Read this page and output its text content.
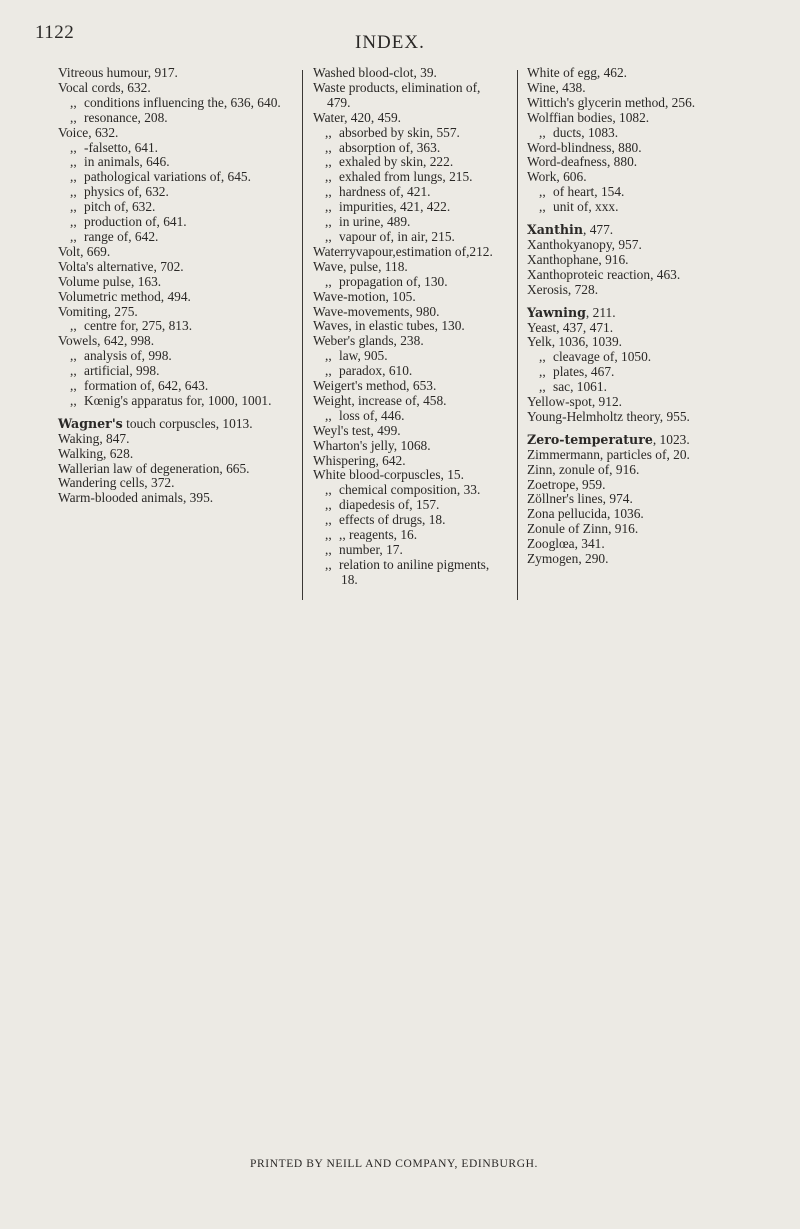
1122	INDEX.
Vitreous humour, 917.
Vocal cords, 632.
,, conditions influencing the, 636, 640.
,, resonance, 208.
Voice, 632.
,, -falsetto, 641.
,, in animals, 646.
,, pathological variations of, 645.
,, physics of, 632.
,, pitch of, 632.
,, production of, 641.
,, range of, 642.
Volt, 669.
Volta's alternative, 702.
Volume pulse, 163.
Volumetric method, 494.
Vomiting, 275.
,, centre for, 275, 813.
Vowels, 642, 998.
,, analysis of, 998.
,, artificial, 998.
,, formation of, 642, 643.
,, Kœnig's apparatus for, 1000, 1001.
Wagner's touch corpuscles, 1013.
Waking, 847.
Walking, 628.
Wallerian law of degeneration, 665.
Wandering cells, 372.
Warm-blooded animals, 395.
Washed blood-clot, 39.
Waste products, elimination of, 479.
Water, 420, 459.
,, absorbed by skin, 557.
,, absorption of, 363.
,, exhaled by skin, 222.
,, exhaled from lungs, 215.
,, hardness of, 421.
,, impurities, 421, 422.
,, in urine, 489.
,, vapour of, in air, 215.
Waterryvapour,estimation of,212.
Wave, pulse, 118.
,, propagation of, 130.
Wave-motion, 105.
Wave-movements, 980.
Waves, in elastic tubes, 130.
Weber's glands, 238.
,, law, 905.
,, paradox, 610.
Weigert's method, 653.
Weight, increase of, 458.
,, loss of, 446.
Weyl's test, 499.
Wharton's jelly, 1068.
Whispering, 642.
White blood-corpuscles, 15.
,, chemical composition, 33.
,, diapedesis of, 157.
,, effects of drugs, 18.
,, ,, reagents, 16.
,, number, 17.
,, relation to aniline pigments, 18.
White of egg, 462.
Wine, 438.
Wittich's glycerin method, 256.
Wolffian bodies, 1082.
,, ducts, 1083.
Word-blindness, 880.
Word-deafness, 880.
Work, 606.
,, of heart, 154.
,, unit of, xxx.
Xanthin, 477.
Xanthokyanopy, 957.
Xanthophane, 916.
Xanthoproteic reaction, 463.
Xerosis, 728.
Yawning, 211.
Yeast, 437, 471.
Yelk, 1036, 1039.
,, cleavage of, 1050.
,, plates, 467.
,, sac, 1061.
Yellow-spot, 912.
Young-Helmholtz theory, 955.
Zero-temperature, 1023.
Zimmermann, particles of, 20.
Zinn, zonule of, 916.
Zoetrope, 959.
Zöllner's lines, 974.
Zona pellucida, 1036.
Zonule of Zinn, 916.
Zooglœa, 341.
Zymogen, 290.
PRINTED BY NEILL AND COMPANY, EDINBURGH.
